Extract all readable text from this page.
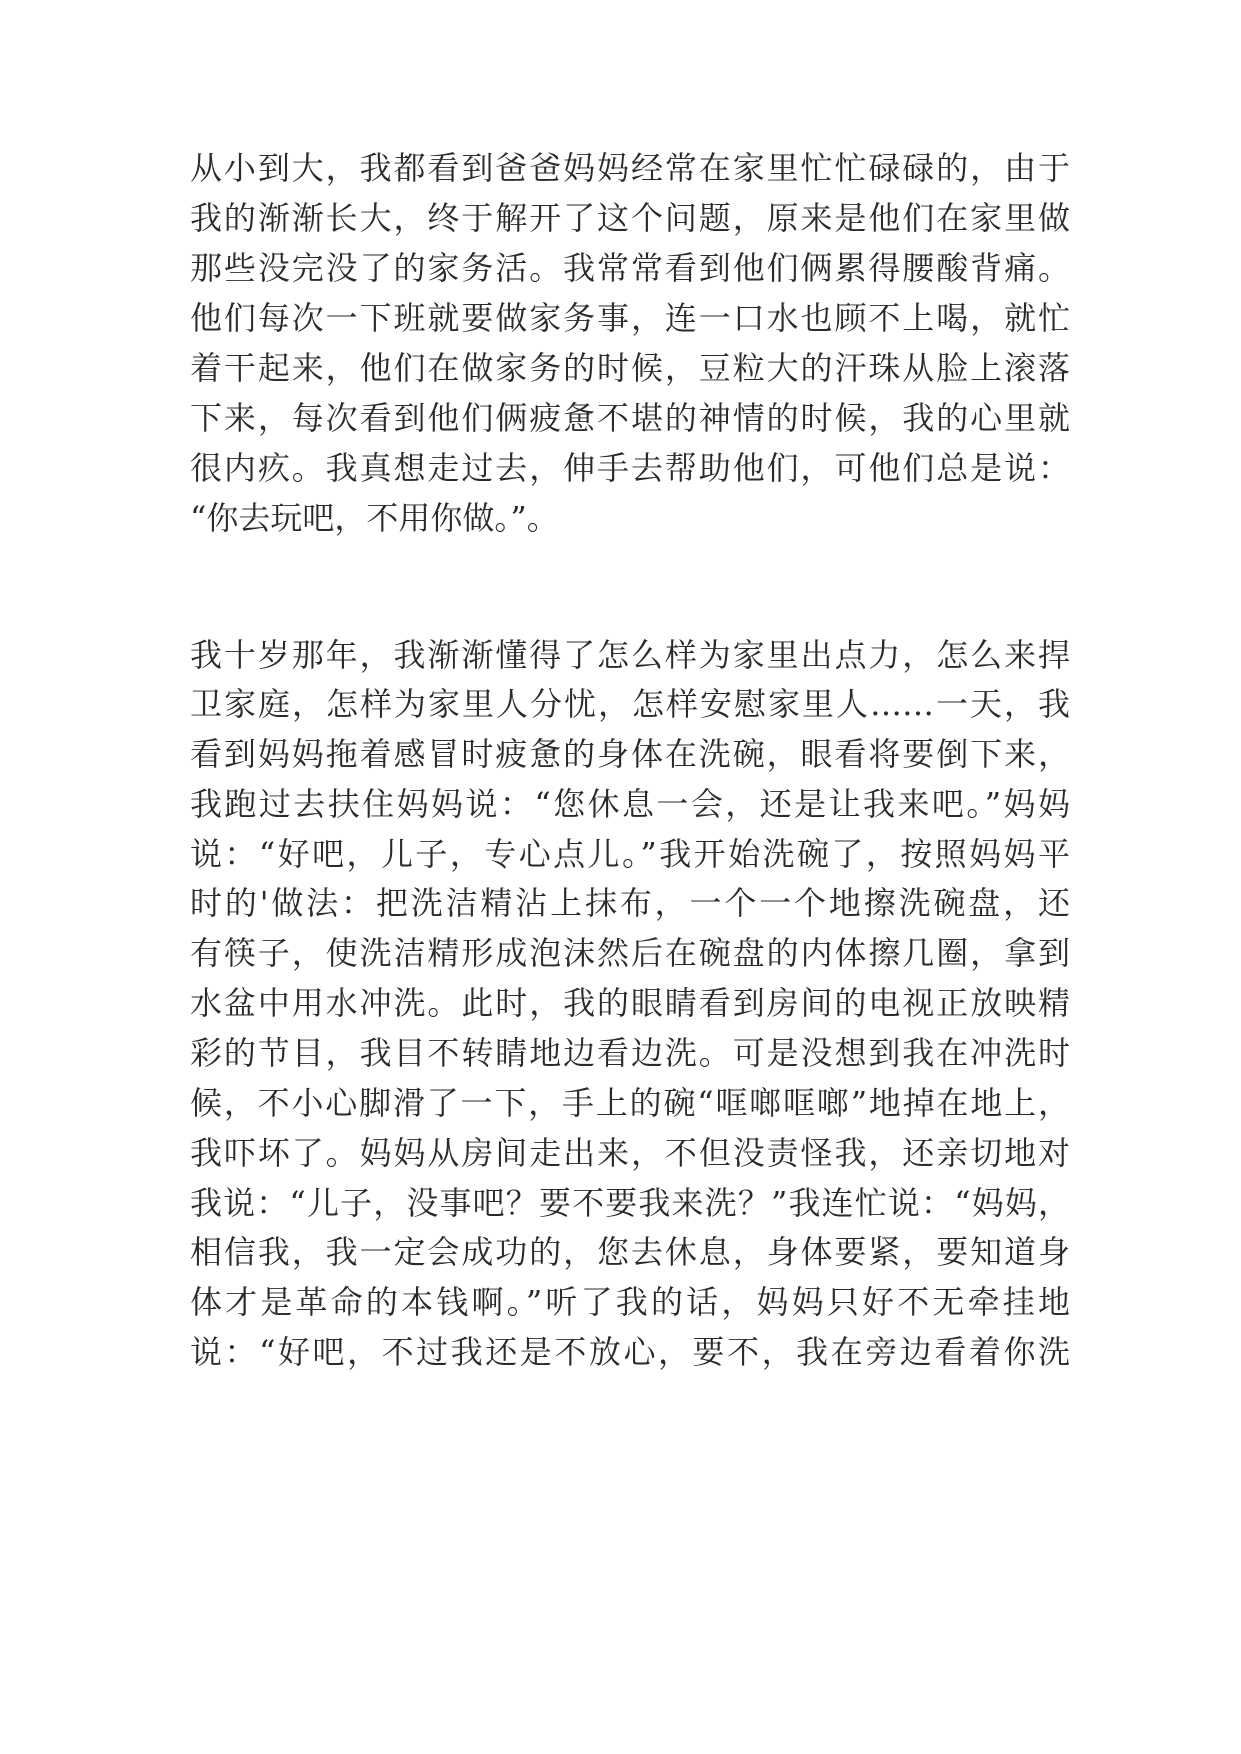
从小到大，我都看到爸爸妈妈经常在家里忙忙碌碌的，由于
我的渐渐长大，终于解开了这个问题，原来是他们在家里做
那些没完没了的家务活。我常常看到他们俩累得腰酸背痛。
他们每次一下班就要做家务事，连一口水也顾不上喝，就忙
着干起来，他们在做家务的时候，豆粒大的汗珠从脸上滚落
下来，每次看到他们俩疲惫不堪的神情的时候，我的心里就
很内疚。我真想走过去，伸手去帮助他们，可他们总是说：
“你去玩吧，不用你做。”。
我十岁那年，我渐渐懂得了怎么样为家里出点力，怎么来捍
卫家庭，怎样为家里人分忧，怎样安慰家里人……一天，我
看到妈妈拖着感冒时疲惫的身体在洗碗，眼看将要倒下来，
我跑过去扶住妈妈说：“您休息一会，还是让我来吧。”妈妈
说：“好吧，儿子，专心点儿。”我开始洗碗了，按照妈妈平
时的'做法：把洗洁精沾上抹布，一个一个地擦洗碗盘，还
有筷子，使洗洁精形成泡沫然后在碗盘的内体擦几圈，拿到
水盆中用水冲洗。此时，我的眼睛看到房间的电视正放映精
彩的节目，我目不转睛地边看边洗。可是没想到我在冲洗时
候，不小心脚滑了一下，手上的碗“哐啷哐啷”地掉在地上，
我吓坏了。妈妈从房间走出来，不但没责怪我，还亲切地对
我说：“儿子，没事吧？要不要我来洗？”我连忙说：“妈妈，
相信我，我一定会成功的，您去休息，身体要紧，要知道身
体才是革命的本钱啊。”听了我的话，妈妈只好不无牵挂地
说：“好吧，不过我还是不放心，要不，我在旁边看着你洗
